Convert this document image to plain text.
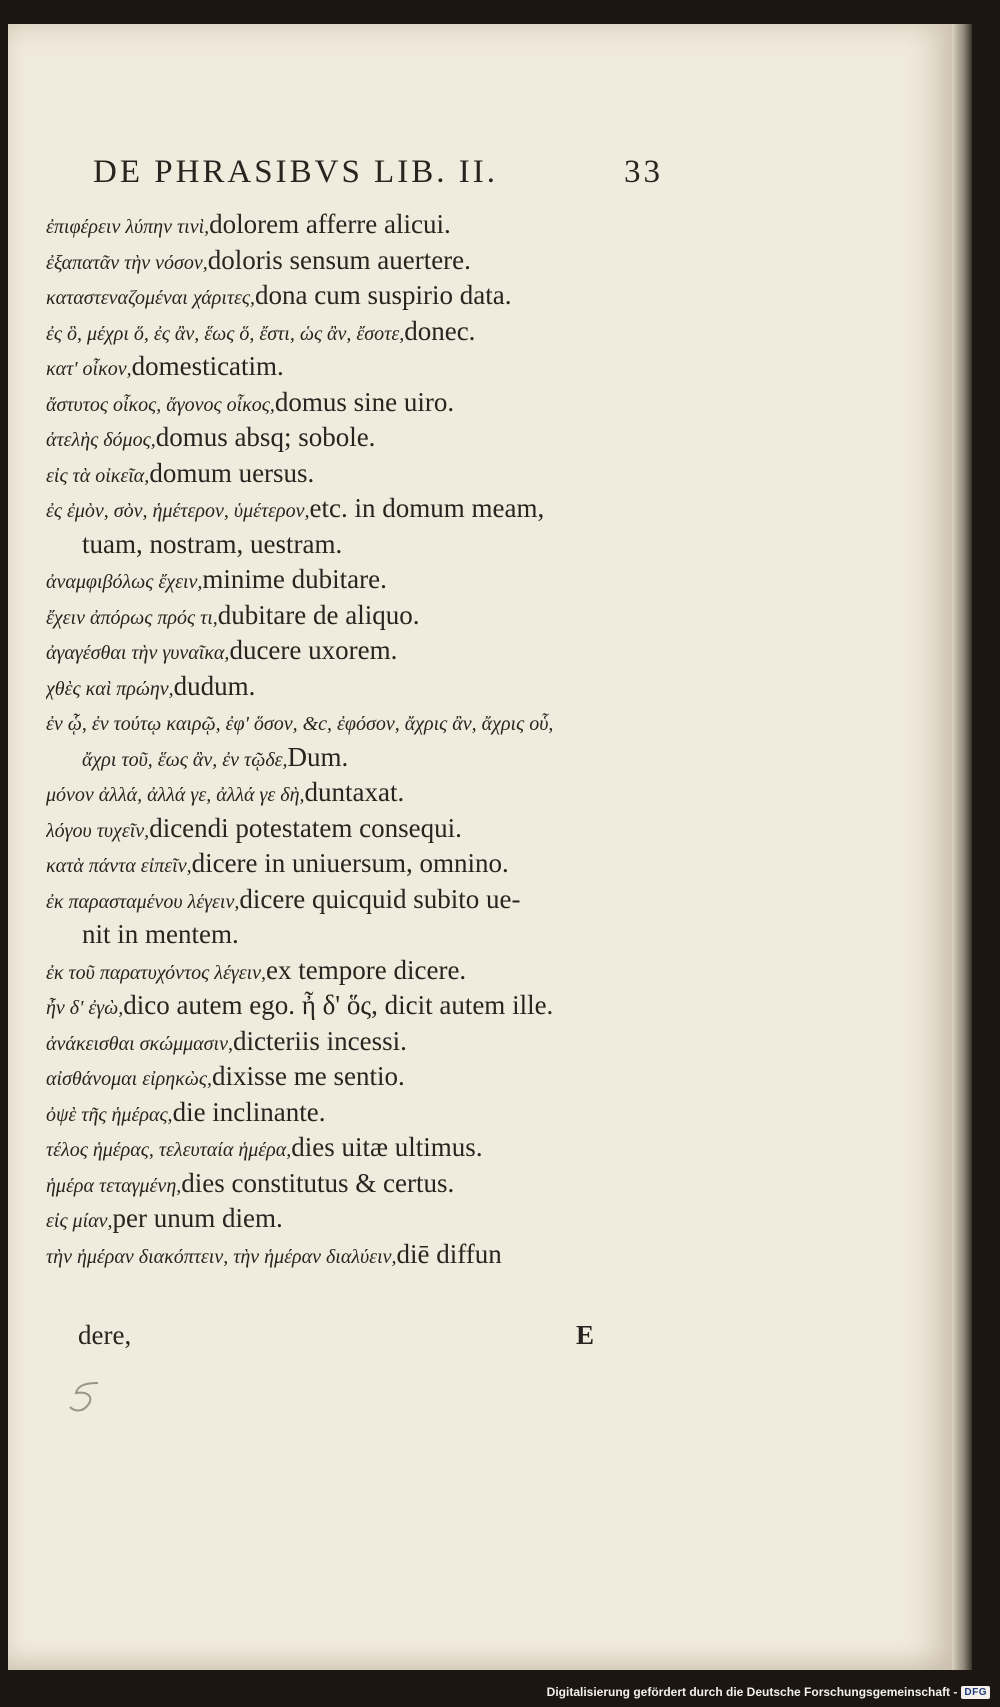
DE PHRASIBVS LIB. II.	33
ἐπιφέρειν λύπην τινὶ,dolorem afferre alicui.
ἐξαπατᾶν τὴν νόσον,doloris sensum auertere.
καταστεναζομέναι χάριτες,dona cum suspirio data.
ἐς ὃ, μέχρι ὅ, ἐς ἂν, ἕως ὅ, ἔστι, ὡς ἂν, ἔσοτε,donec.
κατ' οἶκον,domesticatim.
ἄστυτος οἶκος, ἄγονος οἶκος,domus sine uiro.
ἀτελὴς δόμος,domus absq; sobole.
εἰς τὰ οἰκεῖα,domum uersus.
ἐς ἐμὸν, σὸν, ἡμέτερον, ὑμέτερον,etc. in domum meam,
tuam, nostram, uestram.
ἀναμφιβόλως ἔχειν,minime dubitare.
ἔχειν ἀπόρως πρός τι,dubitare de aliquo.
ἀγαγέσθαι τὴν γυναῖκα,ducere uxorem.
χθὲς καὶ πρώην,dudum.
ἐν ᾧ, ἐν τούτῳ καιρῷ, ἐφ' ὅσον, &c, ἐφόσον, ἄχρις ἂν, ἄχρις οὗ,
ἄχρι τοῦ, ἕως ἂν, ἐν τῷδε,Dum.
μόνον ἀλλά, ἀλλά γε, ἀλλά γε δὴ,duntaxat.
λόγου τυχεῖν,dicendi potestatem consequi.
κατὰ πάντα εἰπεῖν,dicere in uniuersum, omnino.
ἐκ παρασταμένου λέγειν,dicere quicquid subito ue-
nit in mentem.
ἐκ τοῦ παρατυχόντος λέγειν,ex tempore dicere.
ἦν δ' ἐγὼ,dico autem ego. ἦ δ' ὅς, dicit autem ille.
ἀνάκεισθαι σκώμμασιν,dicteriis incessi.
αἰσθάνομαι εἰρηκὼς,dixisse me sentio.
ὀψὲ τῆς ἡμέρας,die inclinante.
τέλος ἡμέρας, τελευταία ἡμέρα,dies uitæ ultimus.
ἡμέρα τεταγμένη,dies constitutus & certus.
εἰς μίαν,per unum diem.
τὴν ἡμέραν διακόπτειν, τὴν ἡμέραν διαλύειν,diē diffun
dere,	E
Digitalisierung gefördert durch die Deutsche Forschungsgemeinschaft - DFG
